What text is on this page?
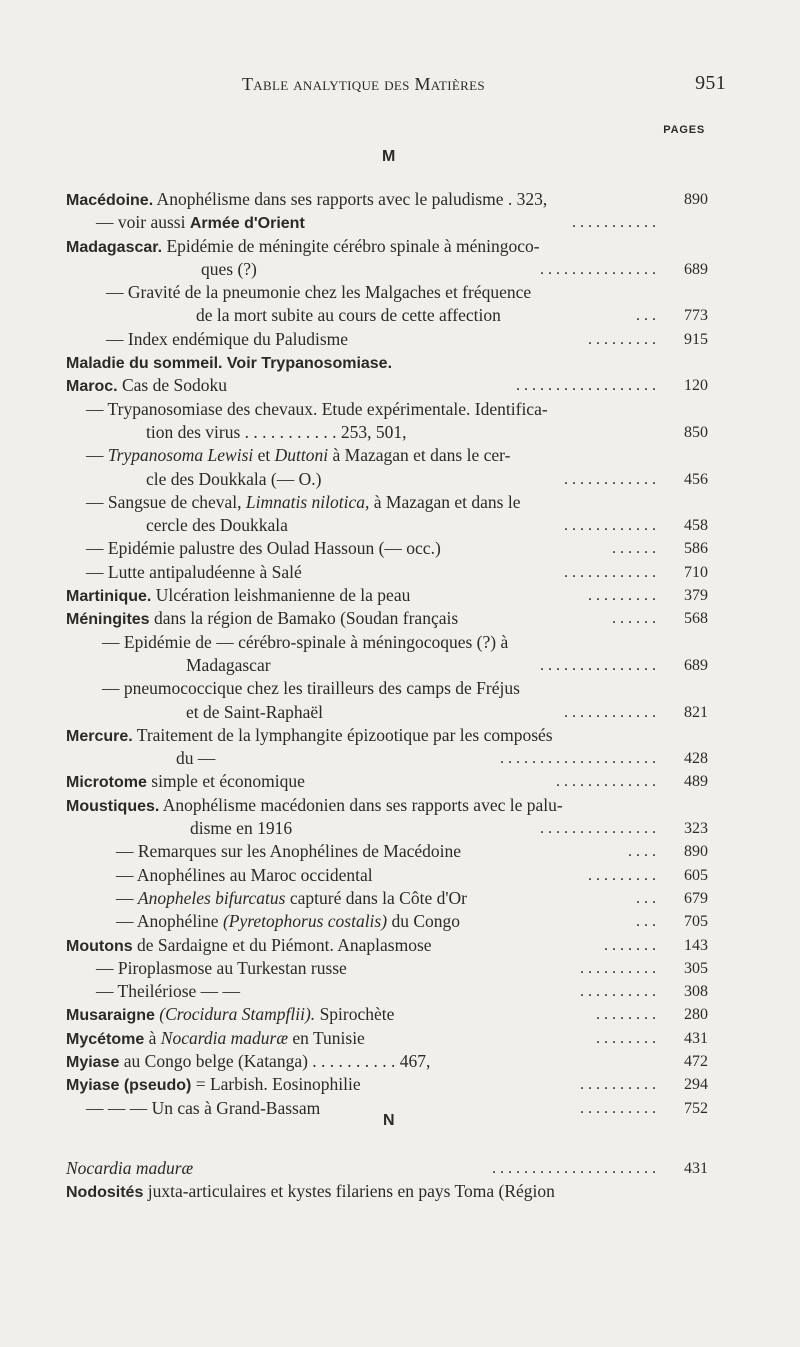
Table analytique des Matières	951
PAGES
M
Macédoine. Anophélisme dans ses rapports avec le paludisme . 323,	890
— voir aussi Armée d'Orient	. . . . . . . . . . .
Madagascar. Epidémie de méningite cérébro spinale à méningoco-
ques (?)	. . . . . . . . . . . . . . . 689
— Gravité de la pneumonie chez les Malgaches et fréquence
de la mort subite au cours de cette affection	. . . 773
— Index endémique du Paludisme	. . . . . . . . . 915
Maladie du sommeil. Voir Trypanosomiase.
Maroc. Cas de Sodoku	. . . . . . . . . . . . . . . . . . 120
— Trypanosomiase des chevaux. Etude expérimentale. Identifica-
tion des virus . . . . . . . . . . . 253, 501,	850
— Trypanosoma Lewisi et Duttoni à Mazagan et dans le cer-
cle des Doukkala (— O.)	. . . . . . . . . . . . 456
— Sangsue de cheval, Limnatis nilotica, à Mazagan et dans le
cercle des Doukkala	. . . . . . . . . . . . 458
— Epidémie palustre des Oulad Hassoun (— occ.)	. . . . . . 586
— Lutte antipaludéenne à Salé	. . . . . . . . . . . . 710
Martinique. Ulcération leishmanienne de la peau	. . . . . . . . . 379
Méningites dans la région de Bamako (Soudan français	. . . . . . 568
— Epidémie de — cérébro-spinale à méningocoques (?) à
Madagascar	. . . . . . . . . . . . . . . 689
— pneumococcique chez les tirailleurs des camps de Fréjus
et de Saint-Raphaël	. . . . . . . . . . . . 821
Mercure. Traitement de la lymphangite épizootique par les composés
du —	. . . . . . . . . . . . . . . . . . . . 428
Microtome simple et économique	. . . . . . . . . . . . . 489
Moustiques. Anophélisme macédonien dans ses rapports avec le palu-
disme en 1916	. . . . . . . . . . . . . . . 323
— Remarques sur les Anophélines de Macédoine	. . . . 890
— Anophélines au Maroc occidental	. . . . . . . . . 605
— Anopheles bifurcatus capturé dans la Côte d'Or	. . . 679
— Anophéline (Pyretophorus costalis) du Congo	. . . 705
Moutons de Sardaigne et du Piémont. Anaplasmose	. . . . . . . 143
— Piroplasmose au Turkestan russe	. . . . . . . . . . 305
— Theilériose — —	. . . . . . . . . . 308
Musaraigne (Crocidura Stampflii). Spirochète	. . . . . . . . 280
Mycétome à Nocardia maduræ en Tunisie	. . . . . . . . 431
Myiase au Congo belge (Katanga) . . . . . . . . . . 467,	472
Myiase (pseudo) = Larbish. Eosinophilie	. . . . . . . . . . 294
— — — Un cas à Grand-Bassam	. . . . . . . . . . 752
N
Nocardia maduræ	. . . . . . . . . . . . . . . . . . . . . 431
Nodosités juxta-articulaires et kystes filariens en pays Toma (Région
